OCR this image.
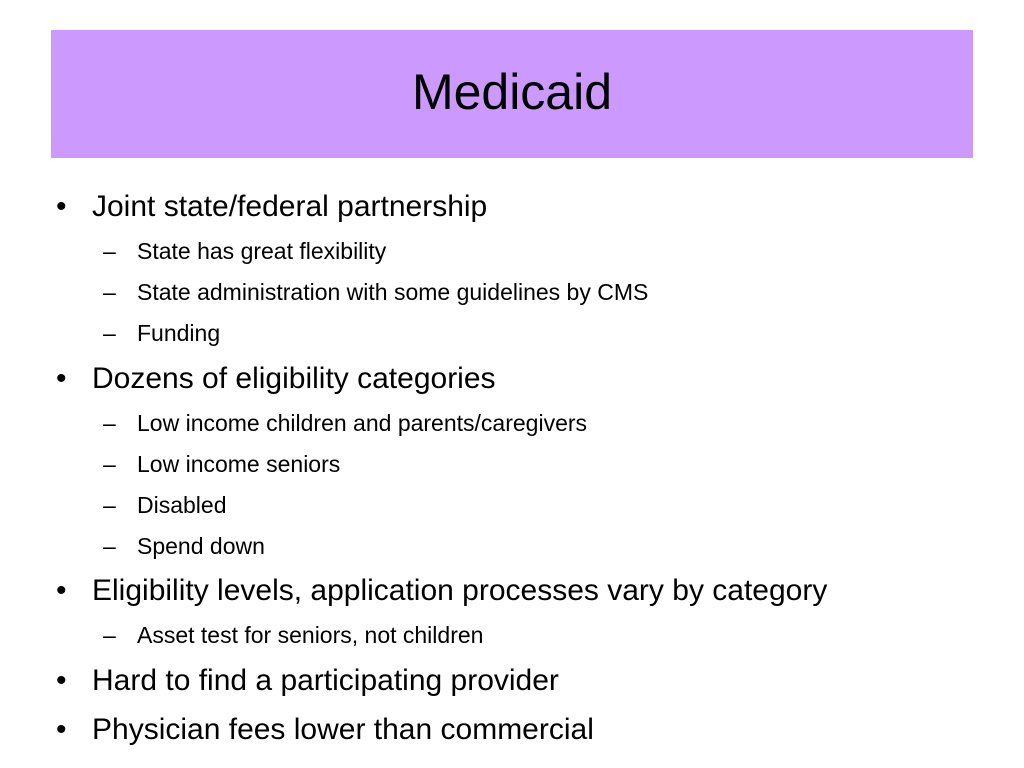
Medicaid
• Joint state/federal partnership
– State has great flexibility
– State administration with some guidelines by CMS
– Funding
• Dozens of eligibility categories
– Low income children and parents/caregivers
– Low income seniors
– Disabled
– Spend down
• Eligibility levels, application processes vary by category
– Asset test for seniors, not children
• Hard to find a participating provider
• Physician fees lower than commercial
